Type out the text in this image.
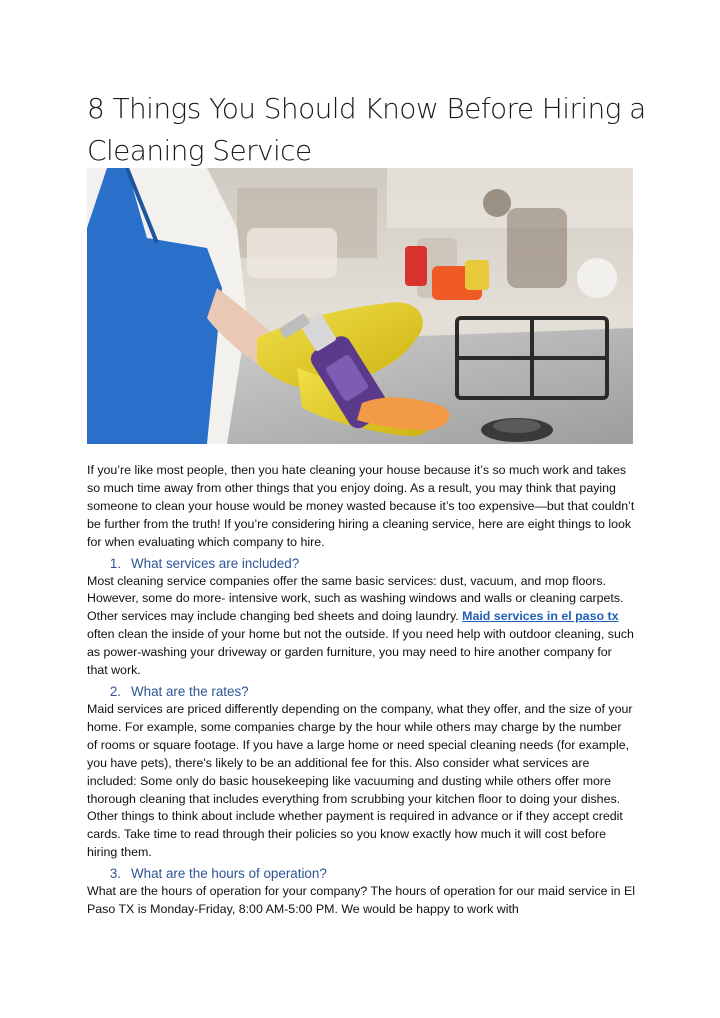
8 Things You Should Know Before Hiring a Cleaning Service

If you’re like most people, then you hate cleaning your house because it’s so much work and takes so much time away from other things that you enjoy doing. As a result, you may think that paying someone to clean your house would be money wasted because it’s too expensive—but that couldn’t be further from the truth! If you’re considering hiring a cleaning service, here are eight things to look for when evaluating which company to hire.

1. What services are included?

Most cleaning service companies offer the same basic services: dust, vacuum, and mop floors. However, some do more- intensive work, such as washing windows and walls or cleaning carpets. Other services may include changing bed sheets and doing laundry. Maid services in el paso tx often clean the inside of your home but not the outside. If you need help with outdoor cleaning, such as power-washing your driveway or garden furniture, you may need to hire another company for that work.

2. What are the rates?

Maid services are priced differently depending on the company, what they offer, and the size of your home. For example, some companies charge by the hour while others may charge by the number of rooms or square footage. If you have a large home or need special cleaning needs (for example, you have pets), there's likely to be an additional fee for this. Also consider what services are included: Some only do basic housekeeping like vacuuming and dusting while others offer more thorough cleaning that includes everything from scrubbing your kitchen floor to doing your dishes. Other things to think about include whether payment is required in advance or if they accept credit cards. Take time to read through their policies so you know exactly how much it will cost before hiring them.

3. What are the hours of operation?

What are the hours of operation for your company? The hours of operation for our maid service in El Paso TX is Monday-Friday, 8:00 AM-5:00 PM. We would be happy to work with
